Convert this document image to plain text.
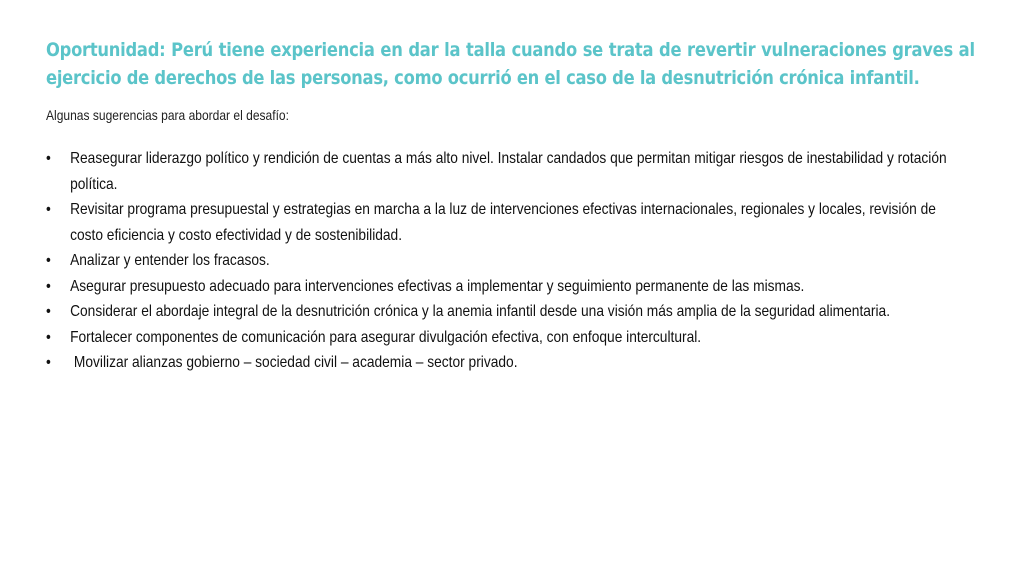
Oportunidad: Perú tiene experiencia en dar la talla cuando se trata de revertir vulneraciones graves al ejercicio de derechos de las personas, como ocurrió en el caso de la desnutrición crónica infantil.

Algunas sugerencias para abordar el desafío:

•	Reasegurar liderazgo político y rendición de cuentas a más alto nivel. Instalar candados que permitan mitigar riesgos de inestabilidad y rotación política.
•	Revisitar programa presupuestal y estrategias en marcha a la luz de intervenciones efectivas internacionales, regionales y locales, revisión de costo eficiencia y costo efectividad y de sostenibilidad.
•	Analizar y entender los fracasos.
•	Asegurar presupuesto adecuado para intervenciones efectivas a implementar y seguimiento permanente de las mismas.
•	Considerar el abordaje integral de la desnutrición crónica y la anemia infantil desde una visión más amplia de la seguridad alimentaria.
•	Fortalecer componentes de comunicación para asegurar divulgación efectiva, con enfoque intercultural.
•	Movilizar alianzas gobierno – sociedad civil – academia – sector privado.
